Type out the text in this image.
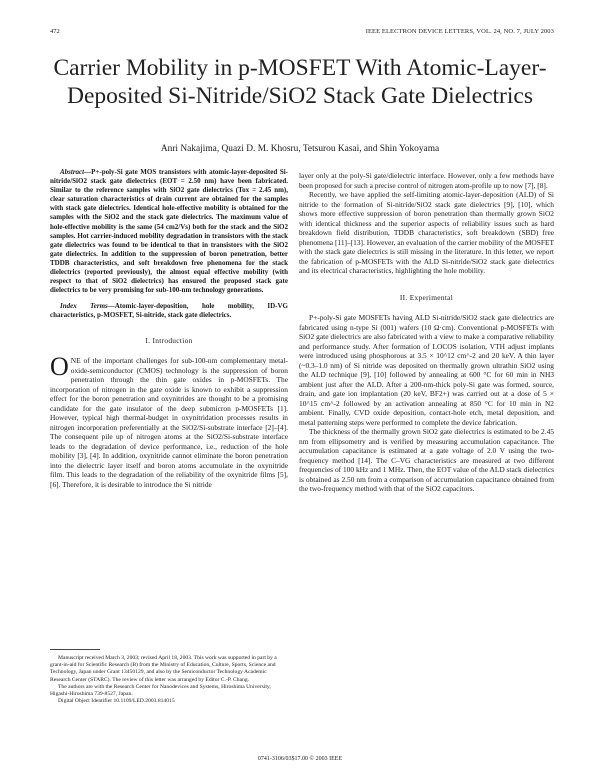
472	IEEE ELECTRON DEVICE LETTERS, VOL. 24, NO. 7, JULY 2003
Carrier Mobility in p-MOSFET With Atomic-Layer-Deposited Si-Nitride/SiO2 Stack Gate Dielectrics
Anri Nakajima, Quazi D. M. Khosru, Tetsurou Kasai, and Shin Yokoyama

Abstract—P+-poly-Si gate MOS transistors with atomic-layer-deposited Si-nitride/SiO2 stack gate dielectrics (EOT = 2.50 nm) have been fabricated. Similar to the reference samples with SiO2 gate dielectrics (Tox = 2.45 nm), clear saturation characteristics of drain current are obtained for the samples with stack gate dielectrics. Identical hole-effective mobility is obtained for the samples with the SiO2 and the stack gate dielectrics. The maximum value of hole-effective mobility is the same (54 cm2/Vs) both for the stack and the SiO2 samples. Hot carrier-induced mobility degradation in transistors with the stack gate dielectrics was found to be identical to that in transistors with the SiO2 gate dielectrics. In addition to the suppression of boron penetration, better TDDB characteristics, and soft breakdown free phenomena for the stack dielectrics (reported previously), the almost equal effective mobility (with respect to that of SiO2 dielectrics) has ensured the proposed stack gate dielectrics to be very promising for sub-100-nm technology generations.

Index Terms—Atomic-layer-deposition, hole mobility, ID-VG characteristics, p-MOSFET, Si-nitride, stack gate dielectrics.

I. Introduction

ONE of the important challenges for sub-100-nm complementary metal-oxide-semiconductor (CMOS) technology is the suppression of boron penetration through the thin gate oxides in p-MOSFETs. The incorporation of nitrogen in the gate oxide is known to exhibit a suppression effect for the boron penetration and oxynitrides are thought to be a promising candidate for the gate insulator of the deep submicron p-MOSFETs [1]. However, typical high thermal-budget in oxynitridation processes results in nitrogen incorporation preferentially at the SiO2/Si-substrate interface [2]–[4]. The consequent pile up of nitrogen atoms at the SiO2/Si-substrate interface leads to the degradation of device performance, i.e., reduction of the hole mobility [3], [4]. In addition, oxynitride cannot eliminate the boron penetration into the dielectric layer itself and boron atoms accumulate in the oxynitride film. This leads to the degradation of the reliability of the oxynitride films [5], [6]. Therefore, it is desirable to introduce the Si nitride

layer only at the poly-Si gate/dielectric interface. However, only a few methods have been proposed for such a precise control of nitrogen atom-profile up to now [7], [8].

Recently, we have applied the self-limiting atomic-layer-deposition (ALD) of Si nitride to the formation of Si-nitride/SiO2 stack gate dielectrics [9], [10], which shows more effective suppression of boron penetration than thermally grown SiO2 with identical thickness and the superior aspects of reliability issues such as hard breakdown field distribution, TDDB characteristics, soft breakdown (SBD) free phenomena [11]–[13]. However, an evaluation of the carrier mobility of the MOSFET with the stack gate dielectrics is still missing in the literature. In this letter, we report the fabrication of p-MOSFETs with the ALD Si-nitride/SiO2 stack gate dielectrics and its electrical characteristics, highlighting the hole mobility.

II. Experimental

P+-poly-Si gate MOSFETs having ALD Si-nitride/SiO2 stack gate dielectrics are fabricated using n-type Si (001) wafers (10 Ω·cm). Conventional p-MOSFETs with SiO2 gate dielectrics are also fabricated with a view to make a comparative reliability and performance study. After formation of LOCOS isolation, VTH adjust implants were introduced using phosphorous at 3.5 × 10^12 cm^-2 and 20 keV. A thin layer (~0.3–1.0 nm) of Si nitride was deposited on thermally grown ultrathin SiO2 using the ALD technique [9], [10] followed by annealing at 600 °C for 60 min in NH3 ambient just after the ALD. After a 200-nm-thick poly-Si gate was formed, source, drain, and gate ion implantation (20 keV, BF2+) was carried out at a dose of 5 × 10^15 cm^-2 followed by an activation annealing at 850 °C for 10 min in N2 ambient. Finally, CVD oxide deposition, contact-hole etch, metal deposition, and metal patterning steps were performed to complete the device fabrication.

The thickness of the thermally grown SiO2 gate dielectrics is estimated to be 2.45 nm from ellipsometry and is verified by measuring accumulation capacitance. The accumulation capacitance is estimated at a gate voltage of 2.0 V using the two-frequency method [14]. The C–VG characteristics are measured at two different frequencies of 100 kHz and 1 MHz. Then, the EOT value of the ALD stack dielectrics is obtained as 2.50 nm from a comparison of accumulation capacitance obtained from the two-frequency method with that of the SiO2 capacitors.

Manuscript received March 3, 2003; revised April 18, 2003. This work was supported in part by a grant-in-aid for Scientific Research (B) from the Ministry of Education, Culture, Sports, Science and Technology, Japan under Grant 13450129, and also by the Semiconductor Technology Academic Research Center (STARC). The review of this letter was arranged by Editor C.-P. Chang.

The authors are with the Research Center for Nanodevices and Systems, Hiroshima University, Higashi-Hiroshima 739-8527, Japan.

Digital Object Identifier 10.1109/LED.2003.814015

0741-3106/03$17.00 © 2003 IEEE
